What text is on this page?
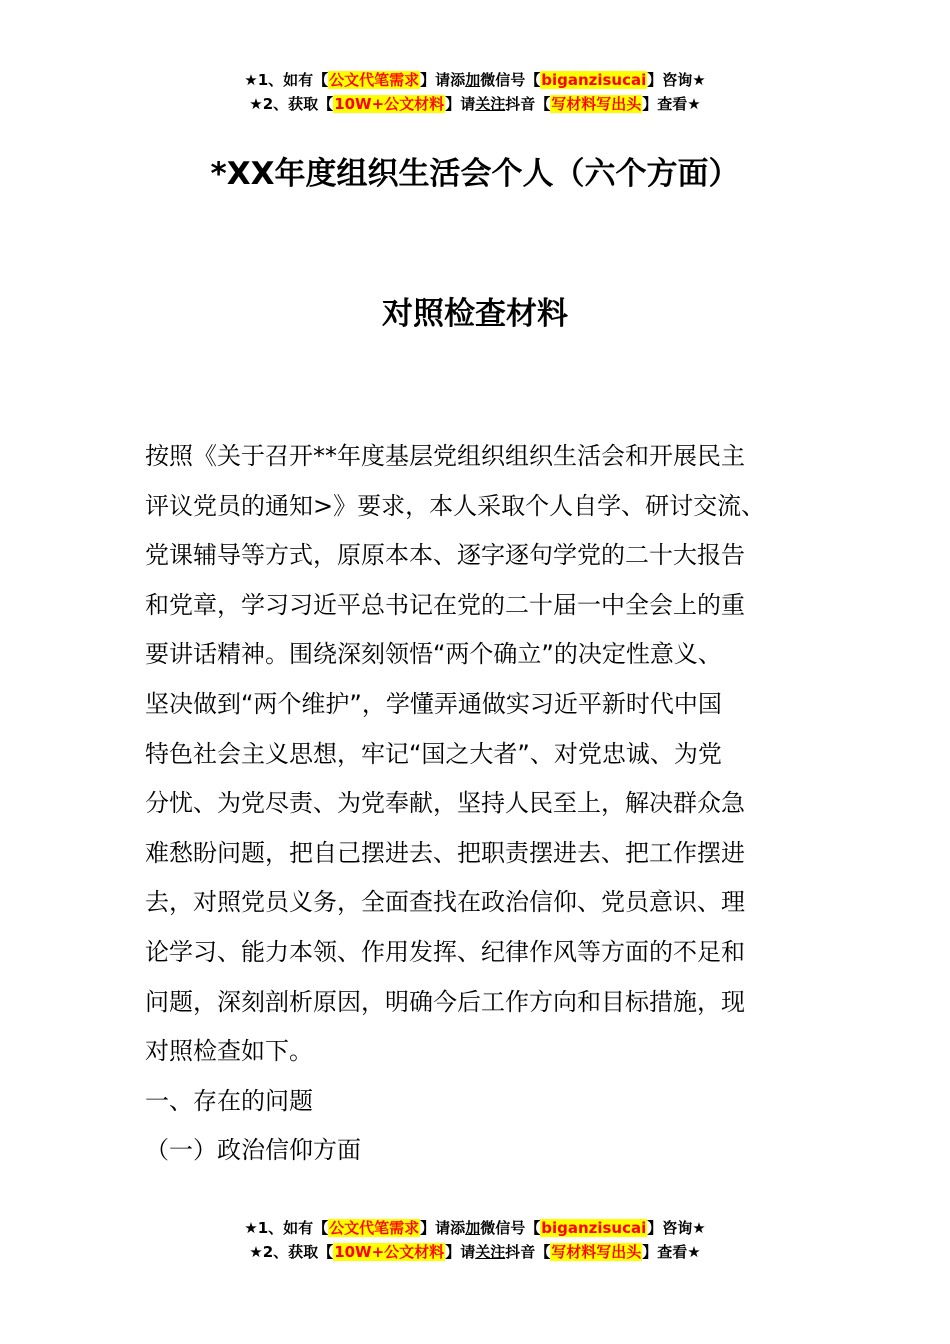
★1、如有【公文代笔需求】请添加微信号【biganzisucai】咨询★
★2、获取【10W+公文材料】请关注抖音【写材料写出头】查看★
*XX年度组织生活会个人（六个方面）
对照检查材料
按照《关于召开**年度基层党组织组织生活会和开展民主
评议党员的通知>》要求，本人采取个人自学、研讨交流、
党课辅导等方式，原原本本、逐字逐句学党的二十大报告
和党章，学习习近平总书记在党的二十届一中全会上的重
要讲话精神。围绕深刻领悟“两个确立”的决定性意义、
坚决做到“两个维护”，学懂弄通做实习近平新时代中国
特色社会主义思想，牢记“国之大者”、对党忠诚、为党
分忧、为党尽责、为党奉献，坚持人民至上，解决群众急
难愁盼问题，把自己摆进去、把职责摆进去、把工作摆进
去，对照党员义务，全面查找在政治信仰、党员意识、理
论学习、能力本领、作用发挥、纪律作风等方面的不足和
问题，深刻剖析原因，明确今后工作方向和目标措施，现
对照检查如下。
一、存在的问题
（一）政治信仰方面
★1、如有【公文代笔需求】请添加微信号【biganzisucai】咨询★
★2、获取【10W+公文材料】请关注抖音【写材料写出头】查看★
